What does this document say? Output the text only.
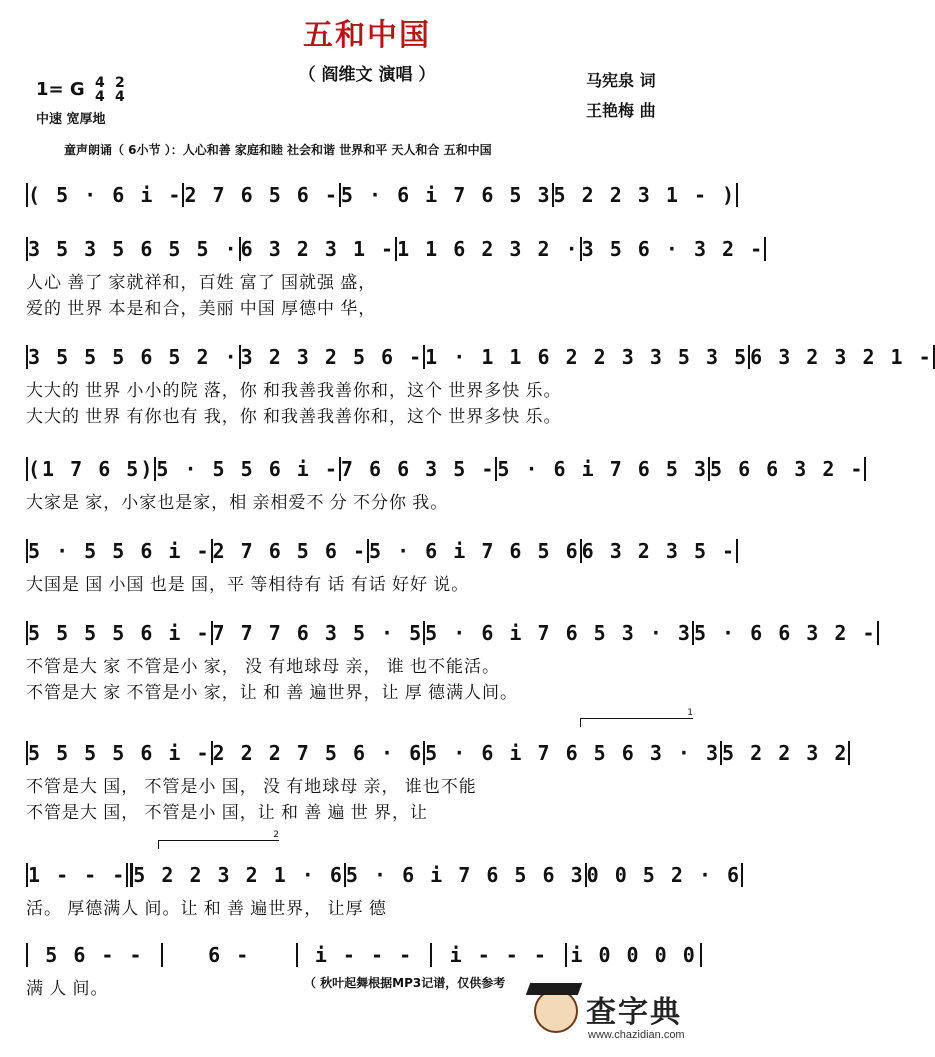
五和中国
（ 阎维文 演唱 ）
1= G 4
4 2
4
中速 宽厚地
马宪泉 词
王艳梅 曲
童声朗诵（ 6小节 ）：人心和善 家庭和睦 社会和谐 世界和平 天人和合 五和中国
( 5 · 6 i - 2 7 6 5 6 - 5 · 6 i 7 6 5 3 5 2 2 3 1 - )
3 5 3 5 6 5 5 · 6 3 2 3 1 - 1 1 6 2 3 2 · 3 5 6 · 3 2 -
人心 善了 家就祥和，百姓 富了 国就强 盛，
爱的 世界 本是和合，美丽 中国 厚德中 华，
3 5 5 5 6 5 2 · 3 2 3 2 5 6 - 1 · 1 1 6 2 2 3 3 5 3 5 6 3 2 3 2 1 -
大大的 世界 小小的院 落，你 和我善我善你和，这个 世界多快 乐。
大大的 世界 有你也有 我，你 和我善我善你和，这个 世界多快 乐。
(1 7 6 5) 5 · 5 5 6 i - 7 6 6 3 5 - 5 · 6 i 7 6 5 3 5 6 6 3 2 -
大家是 家，小家也是家，相 亲相爱不 分 不分你 我。
5 · 5 5 6 i - 2 7 6 5 6 - 5 · 6 i 7 6 5 6 6 3 2 3 5 -
大国是 国 小国 也是 国，平 等相待有 话 有话 好好 说。
5 5 5 5 6 i - 7 7 7 6 3 5 · 5 5 · 6 i 7 6 5 3 · 3 5 · 6 6 3 2 -
不管是大 家 不管是小 家， 没 有地球母 亲， 谁 也不能活。
不管是大 家 不管是小 家，让 和 善 遍世界，让 厚 德满人间。
5 5 5 5 6 i - 2 2 2 7 5 6 · 6 5 · 6 i 7 6 5 6 3 · 3 5 2 2 3 2
不管是大 国， 不管是小 国， 没 有地球母 亲， 谁也不能
不管是大 国， 不管是小 国，让 和 善 遍 世 界，让
1 - - - 5 2 2 3 2 1 · 6 5 · 6 i 7 6 5 6 3 0 0 5 2 · 6
活。 厚德满人 间。让 和 善 遍世界， 让厚 德
5 6 - -	6 -	i - - -	i - - -	i 0 0 0 0
满 人 间。
1
2
（ 秋叶起舞根据MP3记谱，仅供参考
查字典
www.chazidian.com
